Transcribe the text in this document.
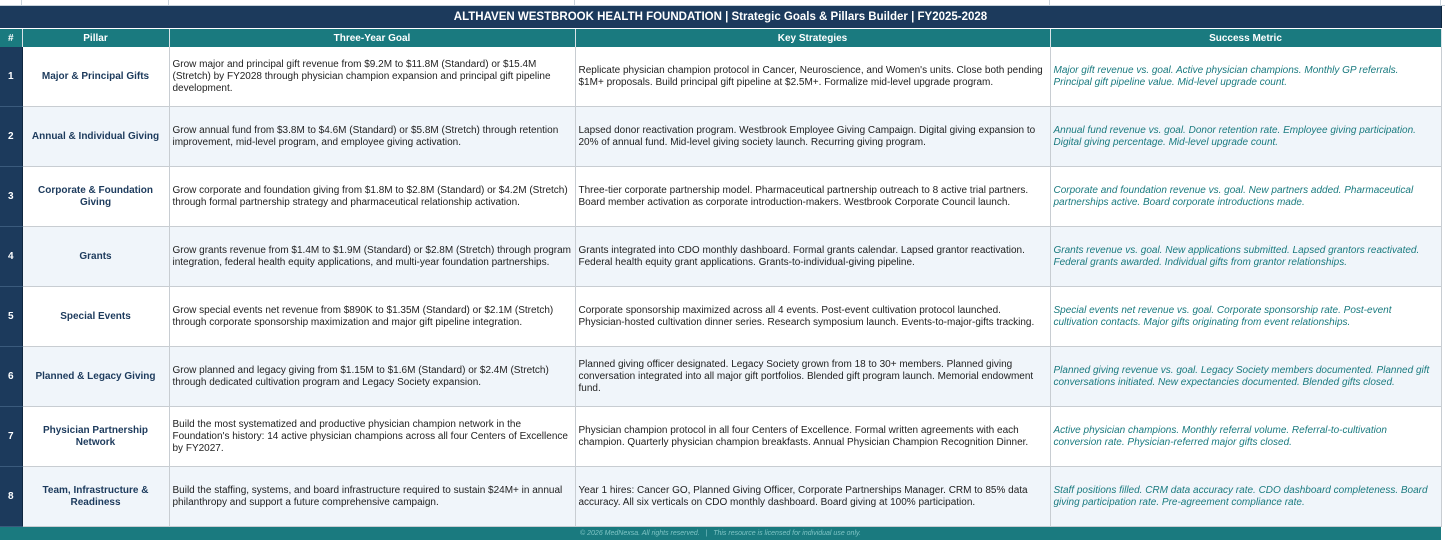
ALTHAVEN WESTBROOK HEALTH FOUNDATION | Strategic Goals & Pillars Builder | FY2025-2028
#	Pillar	Three-Year Goal	Key Strategies	Success Metric
1	Major & Principal Gifts	Grow major and principal gift revenue from $9.2M to $11.8M (Standard) or $15.4M (Stretch) by FY2028 through physician champion expansion and principal gift pipeline development.	Replicate physician champion protocol in Cancer, Neuroscience, and Women's units. Close both pending $1M+ proposals. Build principal gift pipeline at $2.5M+. Formalize mid-level upgrade program.	Major gift revenue vs. goal. Active physician champions. Monthly GP referrals. Principal gift pipeline value. Mid-level upgrade count.
2	Annual & Individual Giving	Grow annual fund from $3.8M to $4.6M (Standard) or $5.8M (Stretch) through retention improvement, mid-level program, and employee giving activation.	Lapsed donor reactivation program. Westbrook Employee Giving Campaign. Digital giving expansion to 20% of annual fund. Mid-level giving society launch. Recurring giving program.	Annual fund revenue vs. goal. Donor retention rate. Employee giving participation. Digital giving percentage. Mid-level upgrade count.
3	Corporate & Foundation Giving	Grow corporate and foundation giving from $1.8M to $2.8M (Standard) or $4.2M (Stretch) through formal partnership strategy and pharmaceutical relationship activation.	Three-tier corporate partnership model. Pharmaceutical partnership outreach to 8 active trial partners. Board member activation as corporate introduction-makers. Westbrook Corporate Council launch.	Corporate and foundation revenue vs. goal. New partners added. Pharmaceutical partnerships active. Board corporate introductions made.
4	Grants	Grow grants revenue from $1.4M to $1.9M (Standard) or $2.8M (Stretch) through program integration, federal health equity applications, and multi-year foundation partnerships.	Grants integrated into CDO monthly dashboard. Formal grants calendar. Lapsed grantor reactivation. Federal health equity grant applications. Grants-to-individual-giving pipeline.	Grants revenue vs. goal. New applications submitted. Lapsed grantors reactivated. Federal grants awarded. Individual gifts from grantor relationships.
5	Special Events	Grow special events net revenue from $890K to $1.35M (Standard) or $2.1M (Stretch) through corporate sponsorship maximization and major gift pipeline integration.	Corporate sponsorship maximized across all 4 events. Post-event cultivation protocol launched. Physician-hosted cultivation dinner series. Research symposium launch. Events-to-major-gifts tracking.	Special events net revenue vs. goal. Corporate sponsorship rate. Post-event cultivation contacts. Major gifts originating from event relationships.
6	Planned & Legacy Giving	Grow planned and legacy giving from $1.15M to $1.6M (Standard) or $2.4M (Stretch) through dedicated cultivation program and Legacy Society expansion.	Planned giving officer designated. Legacy Society grown from 18 to 30+ members. Planned giving conversation integrated into all major gift portfolios. Blended gift program launch. Memorial endowment fund.	Planned giving revenue vs. goal. Legacy Society members documented. Planned gift conversations initiated. New expectancies documented. Blended gifts closed.
7	Physician Partnership Network	Build the most systematized and productive physician champion network in the Foundation's history: 14 active physician champions across all four Centers of Excellence by FY2027.	Physician champion protocol in all four Centers of Excellence. Formal written agreements with each champion. Quarterly physician champion breakfasts. Annual Physician Champion Recognition Dinner.	Active physician champions. Monthly referral volume. Referral-to-cultivation conversion rate. Physician-referred major gifts closed.
8	Team, Infrastructure & Readiness	Build the staffing, systems, and board infrastructure required to sustain $24M+ in annual philanthropy and support a future comprehensive campaign.	Year 1 hires: Cancer GO, Planned Giving Officer, Corporate Partnerships Manager. CRM to 85% data accuracy. All six verticals on CDO monthly dashboard. Board giving at 100% participation.	Staff positions filled. CRM data accuracy rate. CDO dashboard completeness. Board giving participation rate. Pre-agreement compliance rate.
© 2026 MedNexsa. All rights reserved.   |   This resource is licensed for individual use only.
